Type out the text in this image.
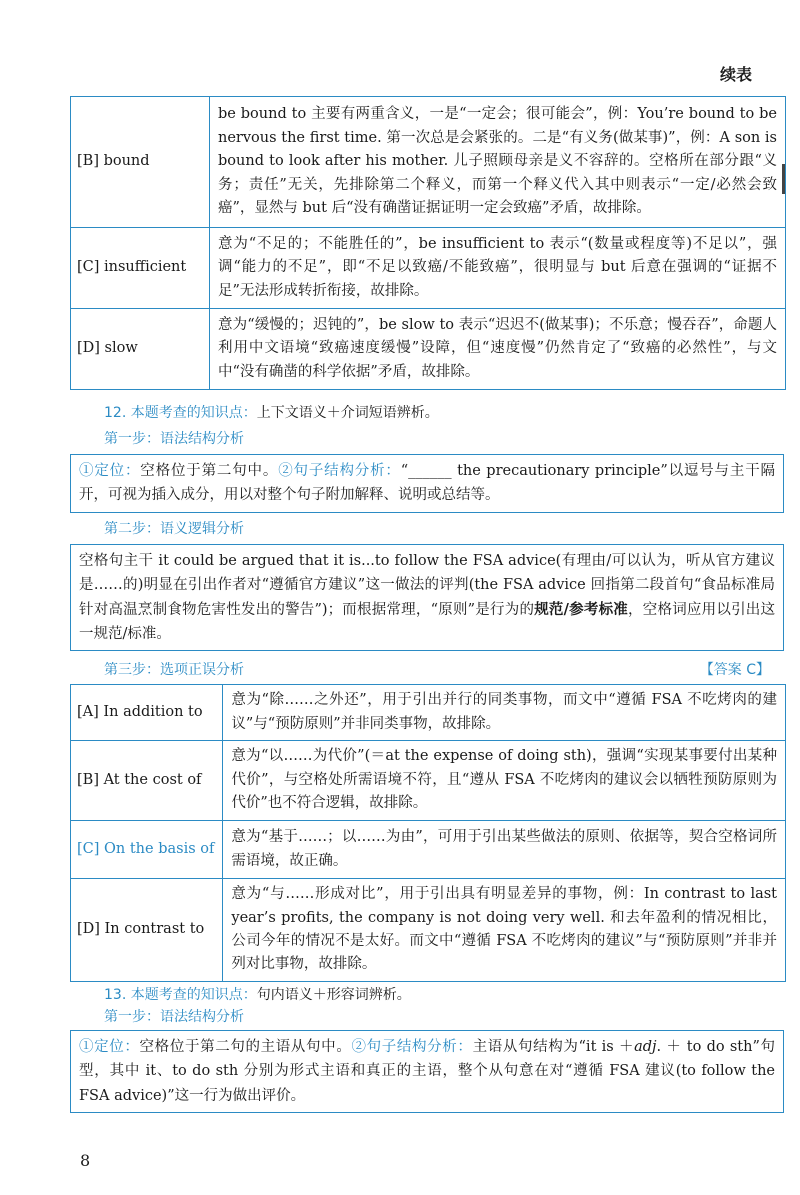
续表
[B] bound	be bound to 主要有两重含义，一是“一定会；很可能会”，例：You’re bound to be nervous the first time. 第一次总是会紧张的。二是“有义务(做某事)”，例：A son is bound to look after his mother. 儿子照顾母亲是义不容辞的。空格所在部分跟“义务；责任”无关，先排除第二个释义，而第一个释义代入其中则表示“一定/必然会致癌”，显然与 but 后“没有确凿证据证明一定会致癌”矛盾，故排除。
[C] insufficient	意为“不足的；不能胜任的”，be insufficient to 表示“(数量或程度等)不足以”，强调“能力的不足”，即“不足以致癌/不能致癌”，很明显与 but 后意在强调的“证据不足”无法形成转折衔接，故排除。
[D] slow	意为“缓慢的；迟钝的”，be slow to 表示“迟迟不(做某事)；不乐意；慢吞吞”，命题人利用中文语境“致癌速度缓慢”设障，但“速度慢”仍然肯定了“致癌的必然性”，与文中“没有确凿的科学依据”矛盾，故排除。
12. 本题考查的知识点：上下文语义＋介词短语辨析。
第一步：语法结构分析
①定位：空格位于第二句中。②句子结构分析：“______ the precautionary principle”以逗号与主干隔开，可视为插入成分，用以对整个句子附加解释、说明或总结等。
第二步：语义逻辑分析
空格句主干 it could be argued that it is...to follow the FSA advice(有理由/可以认为，听从官方建议是……的)明显在引出作者对“遵循官方建议”这一做法的评判(the FSA advice 回指第二段首句“食品标准局针对高温烹制食物危害性发出的警告”)；而根据常理，“原则”是行为的规范/参考标准，空格词应用以引出这一规范/标准。
第三步：选项正误分析	【答案 C】
[A] In addition to	意为“除……之外还”，用于引出并行的同类事物，而文中“遵循 FSA 不吃烤肉的建议”与“预防原则”并非同类事物，故排除。
[B] At the cost of	意为“以……为代价”(＝at the expense of doing sth)，强调“实现某事要付出某种代价”，与空格处所需语境不符，且“遵从 FSA 不吃烤肉的建议会以牺牲预防原则为代价”也不符合逻辑，故排除。
[C] On the basis of	意为“基于……；以……为由”，可用于引出某些做法的原则、依据等，契合空格词所需语境，故正确。
[D] In contrast to	意为“与……形成对比”，用于引出具有明显差异的事物，例：In contrast to last year’s profits, the company is not doing very well. 和去年盈利的情况相比，公司今年的情况不是太好。而文中“遵循 FSA 不吃烤肉的建议”与“预防原则”并非并列对比事物，故排除。
13. 本题考查的知识点：句内语义＋形容词辨析。
第一步：语法结构分析
①定位：空格位于第二句的主语从句中。②句子结构分析：主语从句结构为“it is ＋adj. ＋ to do sth”句型，其中 it、to do sth 分别为形式主语和真正的主语，整个从句意在对“遵循 FSA 建议(to follow the FSA advice)”这一行为做出评价。
8
